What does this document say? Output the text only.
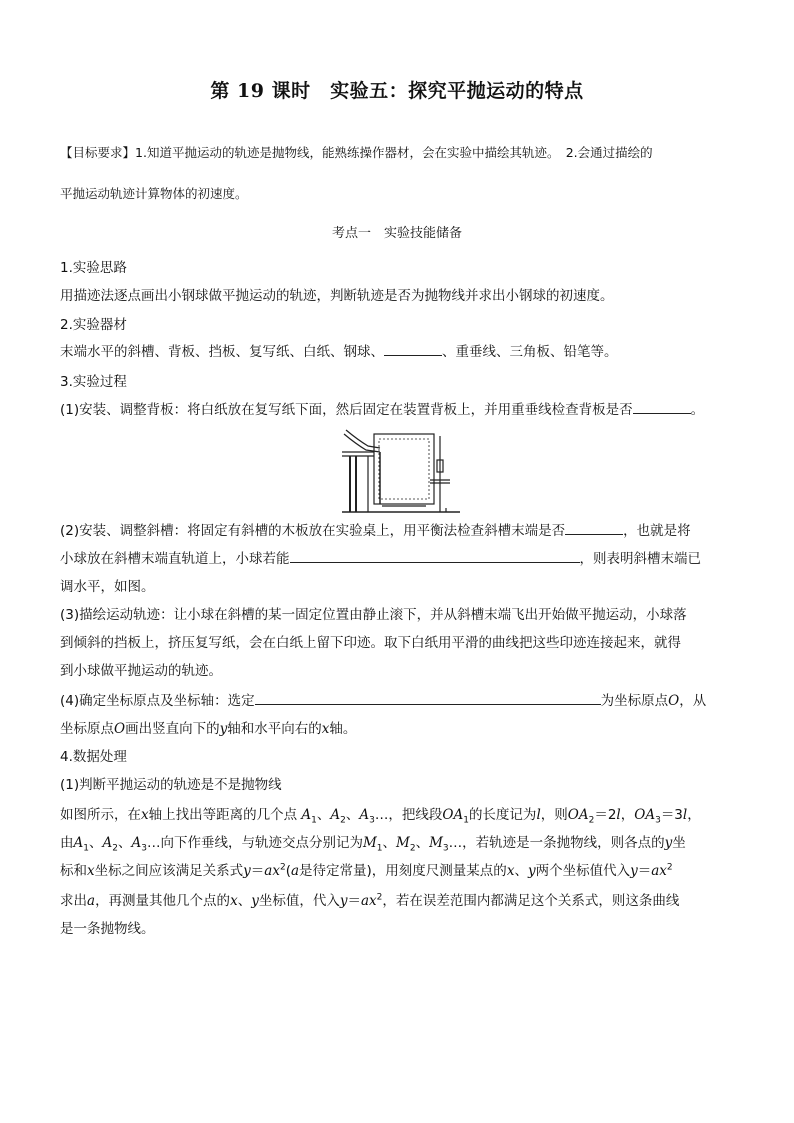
第 19 课时　实验五：探究平抛运动的特点
【目标要求】1.知道平抛运动的轨迹是抛物线，能熟练操作器材，会在实验中描绘其轨迹。　2.会通过描绘的
平抛运动轨迹计算物体的初速度。
考点一　实验技能储备
1.实验思路
用描迹法逐点画出小钢球做平抛运动的轨迹，判断轨迹是否为抛物线并求出小钢球的初速度。
2.实验器材
末端水平的斜槽、背板、挡板、复写纸、白纸、钢球、	、重垂线、三角板、铅笔等。
3.实验过程
(1)安装、调整背板：将白纸放在复写纸下面，然后固定在装置背板上，并用重垂线检查背板是否	。
(2)安装、调整斜槽：将固定有斜槽的木板放在实验桌上，用平衡法检查斜槽末端是否	，也就是将
小球放在斜槽末端直轨道上，小球若能	，则表明斜槽末端已
调水平，如图。
(3)描绘运动轨迹：让小球在斜槽的某一固定位置由静止滚下，并从斜槽末端飞出开始做平抛运动，小球落
到倾斜的挡板上，挤压复写纸，会在白纸上留下印迹。取下白纸用平滑的曲线把这些印迹连接起来，就得
到小球做平抛运动的轨迹。
(4)确定坐标原点及坐标轴：选定	为坐标原点O，从
坐标原点O画出竖直向下的y轴和水平向右的x轴。
4.数据处理
(1)判断平抛运动的轨迹是不是抛物线
如图所示，在x轴上找出等距离的几个点 $A_1$、$A_2$、$A_3\dots$，把线段$OA_1$的长度记为l，则$OA_2=2l$，$OA_3=3l$，
由$A_1$、$A_2$、$A_3\dots$向下作垂线，与轨迹交点分别记为$M_1$、$M_2$、$M_3\dots$，若轨迹是一条抛物线，则各点的y坐
标和x坐标之间应该满足关系式$y=ax^2(a$是待定常量)，用刻度尺测量某点的x、y两个坐标值代入$y=ax^2$
求出a，再测量其他几个点的x、y坐标值，代入$y=ax^2$，若在误差范围内都满足这个关系式，则这条曲线
是一条抛物线。
